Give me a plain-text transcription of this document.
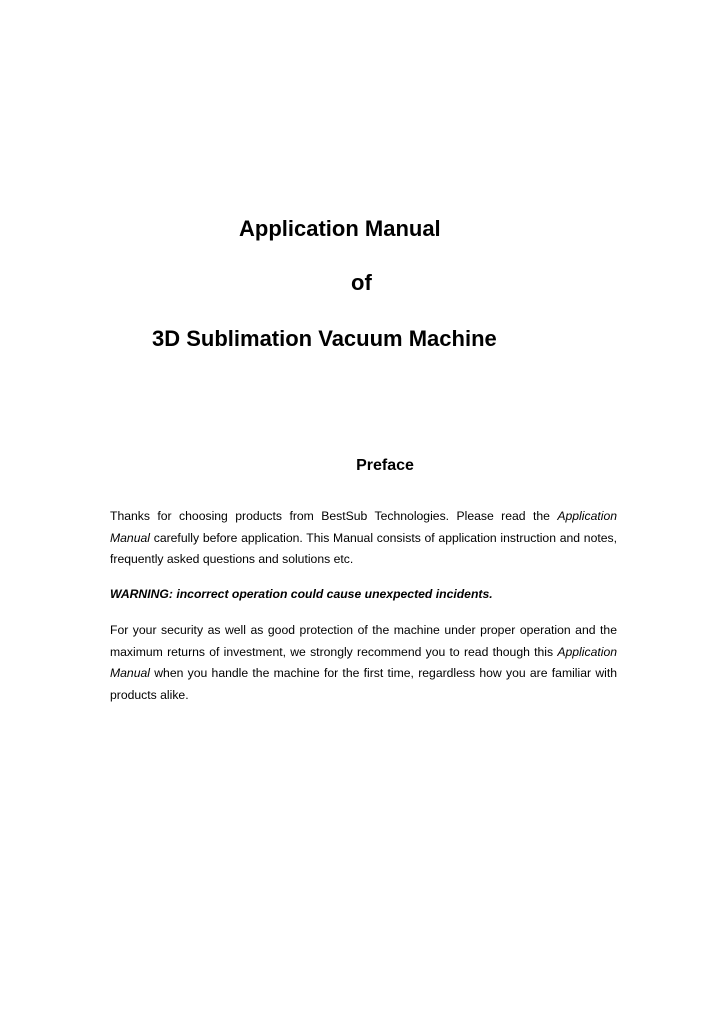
Application Manual
of
3D Sublimation Vacuum Machine
Preface

Thanks for choosing products from BestSub Technologies. Please read the Application Manual carefully before application. This Manual consists of application instruction and notes, frequently asked questions and solutions etc.

WARNING: incorrect operation could cause unexpected incidents.

For your security as well as good protection of the machine under proper operation and the maximum returns of investment, we strongly recommend you to read though this Application Manual when you handle the machine for the first time, regardless how you are familiar with products alike.
